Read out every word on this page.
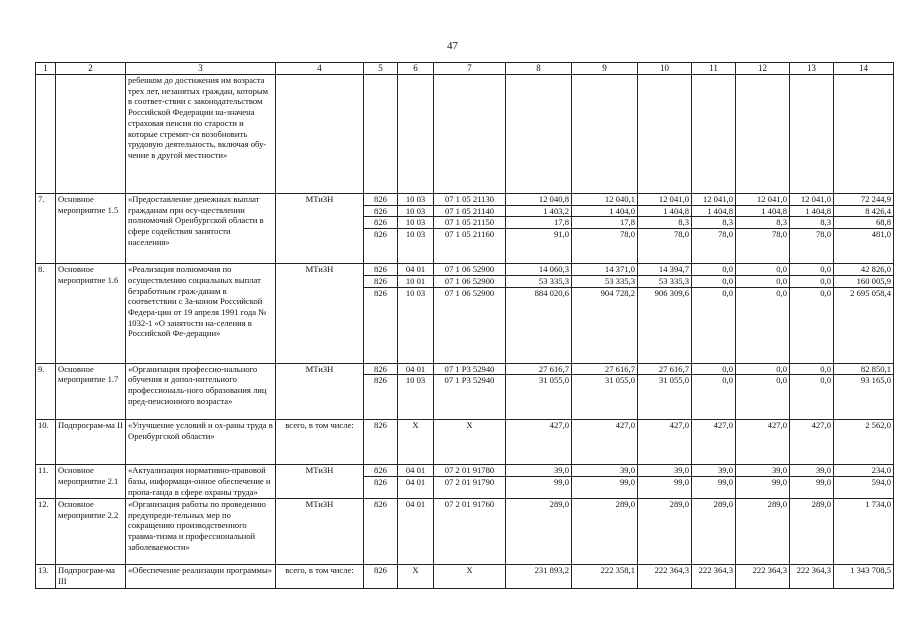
47
1	2	3	4	5	6	7	8	9	10	11	12	13	14
		ребенком до достижения им возраста трех лет, незанятых граждан, которым в соответ-ствии с законодательством Российской Федерации на-значена страховая пенсия по старости и которые стремят-ся возобновить трудовую деятельность, включая обу-чение в другой местности»											
7.	Основное мероприятие 1.5	«Предоставление денежных выплат гражданам при осу-ществлении полномочий Оренбургской области в сфере содействия занятости населения»	МТиЗН	826	10 03	07 1 05 21130	12 040,8	12 040,1	12 041,0	12 041,0	12 041,0	12 041,0	72 244,9
				826	10 03	07 1 05 21140	1 403,2	1 404,0	1 404,8	1 404,8	1 404,8	1 404,8	8 426,4
				826	10 03	07 1 05 21150	17,8	17,8	8,3	8,3	8,3	8,3	68,8
				826	10 03	07 1 05 21160	91,0	78,0	78,0	78,0	78,0	78,0	481,0
8.	Основное мероприятие 1.6	«Реализация полномочия по осуществлению социальных выплат безработным граж-данам в соответствии с За-коном Российской Федера-ции от 19 апреля 1991 года № 1032-1 «О занятости на-селения в Российской Фе-дерации»	МТиЗН	826	04 01	07 1 06 52900	14 060,3	14 371,0	14 394,7	0,0	0,0	0,0	42 826,0
				826	10 01	07 1 06 52900	53 335,3	53 335,3	53 335,3	0,0	0,0	0,0	160 005,9
				826	10 03	07 1 06 52900	884 020,6	904 728,2	906 309,6	0,0	0,0	0,0	2 695 058,4
9.	Основное мероприятие 1.7	«Организация профессио-нального обучения и допол-нительного профессиональ-ного образования лиц пред-пенсионного возраста»	МТиЗН	826	04 01	07 1 P3 52940	27 616,7	27 616,7	27 616,7	0,0	0,0	0,0	82 850,1
				826	10 03	07 1 P3 52940	31 055,0	31 055,0	31 055,0	0,0	0,0	0,0	93 165,0
10.	Подпрограм-ма II	«Улучшение условий и ох-раны труда в Оренбургской области»	всего, в том числе:	826	Х	Х	427,0	427,0	427,0	427,0	427,0	427,0	2 562,0
11.	Основное мероприятие 2.1	«Актуализация нормативно-правовой базы, информаци-онное обеспечение и пропа-ганда в сфере охраны труда»	МТиЗН	826	04 01	07 2 01 91780	39,0	39,0	39,0	39,0	39,0	39,0	234,0
				826	04 01	07 2 01 91790	99,0	99,0	99,0	99,0	99,0	99,0	594,0
12.	Основное мероприятие 2.2	«Организация работы по проведению предупреди-тельных мер по сокращению производственного травма-тизма и профессиональной заболеваемости»	МТиЗН	826	04 01	07 2 01 91760	289,0	289,0	289,0	289,0	289,0	289,0	1 734,0
13.	Подпрограм-ма III	«Обеспечение реализации программы»	всего, в том числе:	826	Х	Х	231 893,2	222 358,1	222 364,3	222 364,3	222 364,3	222 364,3	1 343 708,5
